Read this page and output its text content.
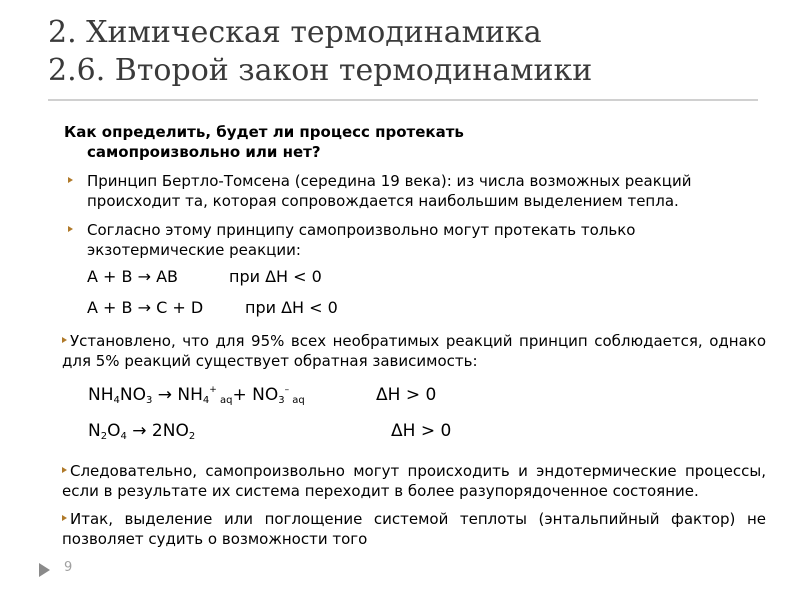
2. Химическая термодинамика
2.6. Второй закон термодинамики
Как определить, будет ли процесс протекать
самопроизвольно или нет?
Принцип Бертло-Томсена (середина 19 века): из числа возможных реакций происходит та, которая сопровождается наибольшим выделением тепла.
Согласно этому принципу самопроизвольно могут протекать только экзотермические реакции:
A + B → AB	при ΔH < 0
A + B → C + D	при ΔH < 0
Установлено, что для 95% всех необратимых реакций принцип соблюдается, однако для 5% реакций существует обратная зависимость:
$NH_4NO_3 \to NH_4^+$ $_{aq}+ NO_3^-$ $_{aq}$	ΔH > 0
$N_2O_4 \to 2NO_2$	ΔH > 0
Следовательно, самопроизвольно могут происходить и эндотермические процессы, если в результате их система переходит в более разупорядоченное состояние.
Итак, выделение или поглощение системой теплоты (энтальпийный фактор) не позволяет судить о возможности того
9
